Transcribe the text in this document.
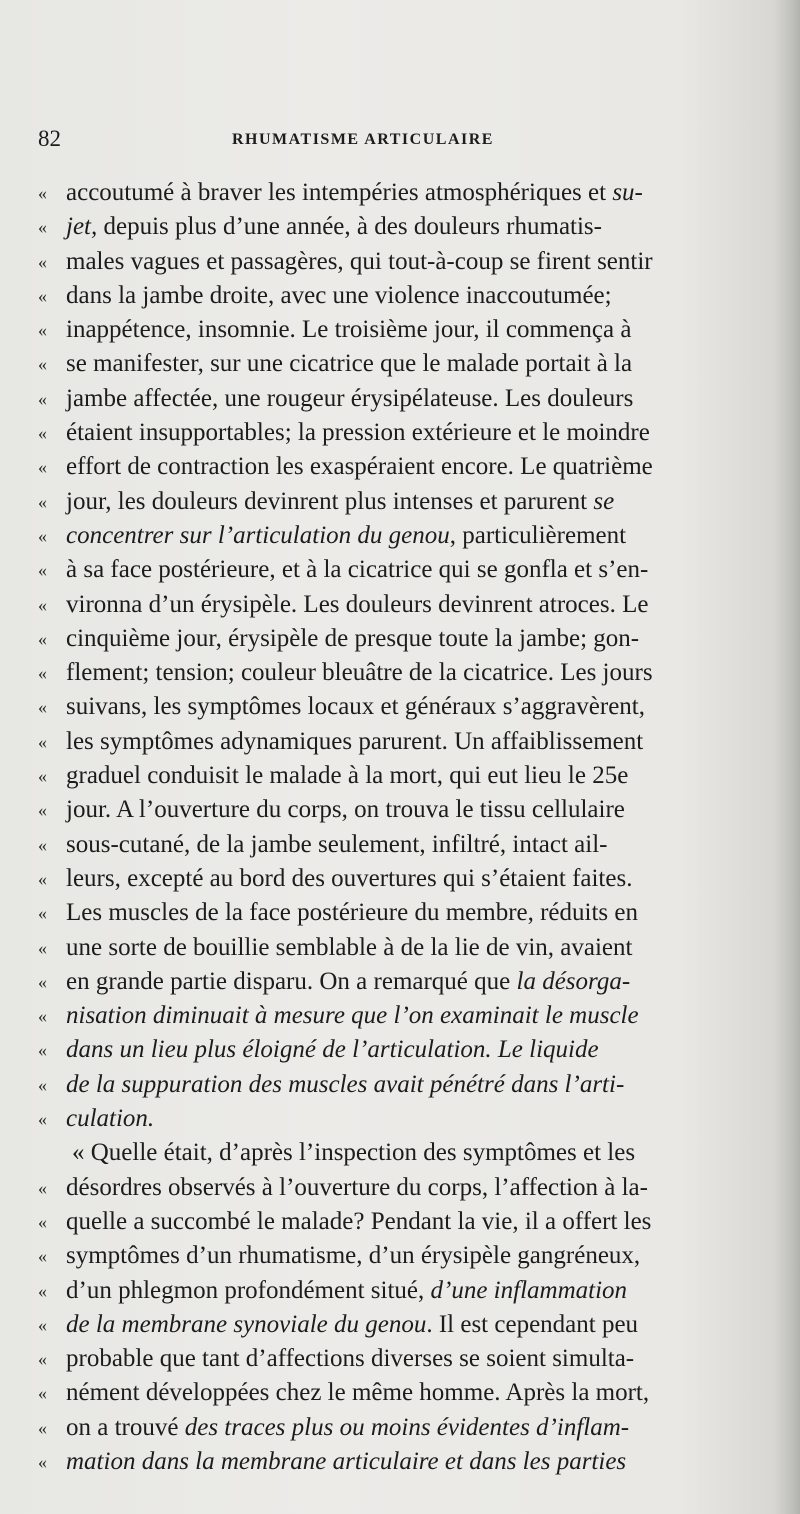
82	RHUMATISME ARTICULAIRE
« accoutumé à braver les intempéries atmosphériques et su-
« jet, depuis plus d’une année, à des douleurs rhumatis-
« males vagues et passagères, qui tout-à-coup se firent sentir
« dans la jambe droite, avec une violence inaccoutumée;
« inappétence, insomnie. Le troisième jour, il commença à
« se manifester, sur une cicatrice que le malade portait à la
« jambe affectée, une rougeur érysipélateuse. Les douleurs
« étaient insupportables; la pression extérieure et le moindre
« effort de contraction les exaspéraient encore. Le quatrième
« jour, les douleurs devinrent plus intenses et parurent se
« concentrer sur l’articulation du genou, particulièrement
« à sa face postérieure, et à la cicatrice qui se gonfla et s’en-
« vironna d’un érysipèle. Les douleurs devinrent atroces. Le
« cinquième jour, érysipèle de presque toute la jambe; gon-
« flement; tension; couleur bleuâtre de la cicatrice. Les jours
« suivans, les symptômes locaux et généraux s’aggravèrent,
« les symptômes adynamiques parurent. Un affaiblissement
« graduel conduisit le malade à la mort, qui eut lieu le 25e
« jour. A l’ouverture du corps, on trouva le tissu cellulaire
« sous-cutané, de la jambe seulement, infiltré, intact ail-
« leurs, excepté au bord des ouvertures qui s’étaient faites.
« Les muscles de la face postérieure du membre, réduits en
« une sorte de bouillie semblable à de la lie de vin, avaient
« en grande partie disparu. On a remarqué que la désorga-
« nisation diminuait à mesure que l’on examinait le muscle
« dans un lieu plus éloigné de l’articulation. Le liquide
« de la suppuration des muscles avait pénétré dans l’arti-
« culation.
« Quelle était, d’après l’inspection des symptômes et les
« désordres observés à l’ouverture du corps, l’affection à la-
« quelle a succombé le malade? Pendant la vie, il a offert les
« symptômes d’un rhumatisme, d’un érysipèle gangréneux,
« d’un phlegmon profondément situé, d’une inflammation
« de la membrane synoviale du genou. Il est cependant peu
« probable que tant d’affections diverses se soient simulta-
« nément développées chez le même homme. Après la mort,
« on a trouvé des traces plus ou moins évidentes d’inflam-
« mation dans la membrane articulaire et dans les parties
